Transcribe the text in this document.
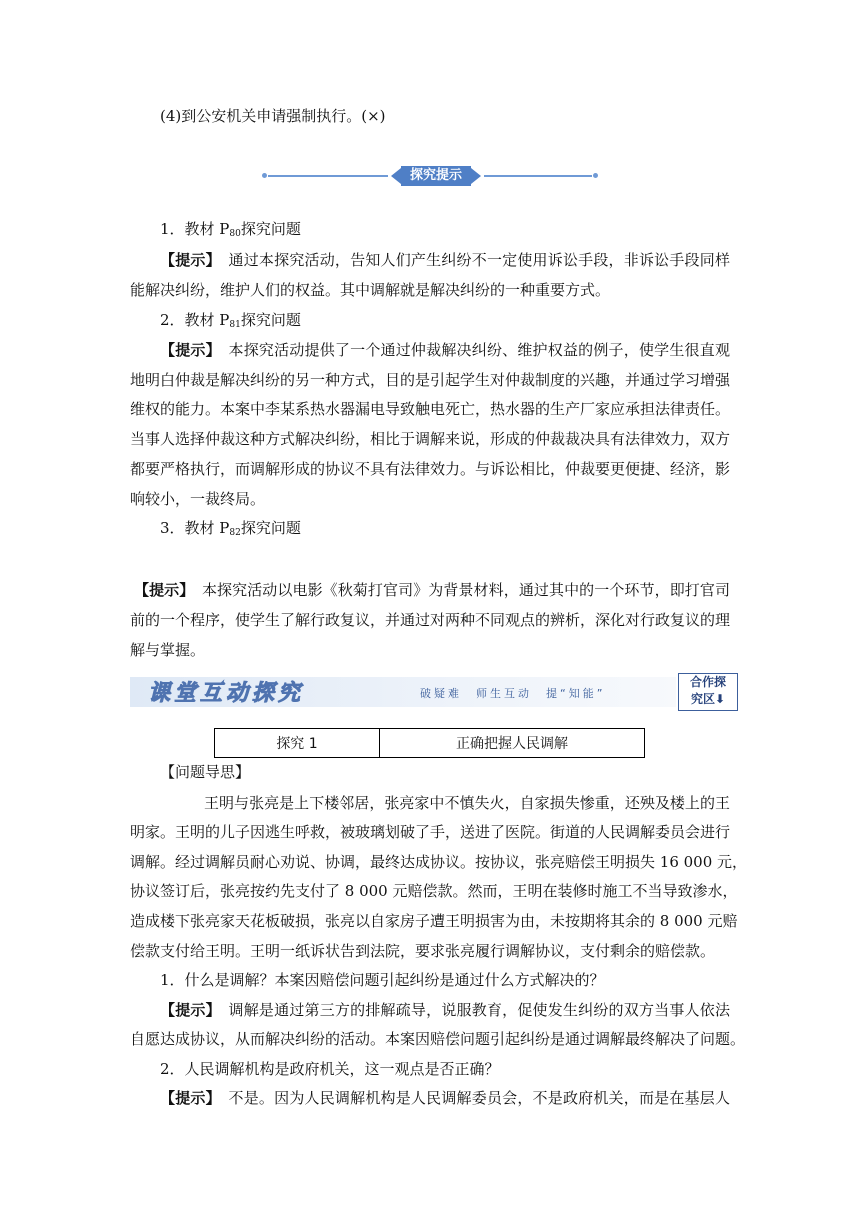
(4)到公安机关申请强制执行。(×)
探究提示
1．教材 $P_{80}$探究问题
【提示】　 通过本探究活动，告知人们产生纠纷不一定使用诉讼手段，非诉讼手段同样
能解决纠纷，维护人们的权益。其中调解就是解决纠纷的一种重要方式。
2．教材 $P_{81}$探究问题
【提示】　 本探究活动提供了一个通过仲裁解决纠纷、维护权益的例子，使学生很直观
地明白仲裁是解决纠纷的另一种方式，目的是引起学生对仲裁制度的兴趣，并通过学习增强
维权的能力。本案中李某系热水器漏电导致触电死亡，热水器的生产厂家应承担法律责任。
当事人选择仲裁这种方式解决纠纷，相比于调解来说，形成的仲裁裁决具有法律效力，双方
都要严格执行，而调解形成的协议不具有法律效力。与诉讼相比，仲裁要更便捷、经济，影
响较小，一裁终局。
3．教材 $P_{82}$探究问题
【提示】　 本探究活动以电影《秋菊打官司》为背景材料，通过其中的一个环节，即打官司
前的一个程序，使学生了解行政复议，并通过对两种不同观点的辨析，深化对行政复议的理
解与掌握。
课堂互动探究	破疑难　师生互动　提“知能”
合作探
究区⬇
探究 1	正确把握人民调解
【问题导思】
王明与张亮是上下楼邻居，张亮家中不慎失火，自家损失惨重，还殃及楼上的王
明家。王明的儿子因逃生呼救，被玻璃划破了手，送进了医院。街道的人民调解委员会进行
调解。经过调解员耐心劝说、协调，最终达成协议。按协议，张亮赔偿王明损失 16 000 元，
协议签订后，张亮按约先支付了 8 000 元赔偿款。然而，王明在装修时施工不当导致渗水，
造成楼下张亮家天花板破损，张亮以自家房子遭王明损害为由，未按期将其余的 8 000 元赔
偿款支付给王明。王明一纸诉状告到法院，要求张亮履行调解协议，支付剩余的赔偿款。
1．什么是调解？本案因赔偿问题引起纠纷是通过什么方式解决的？
【提示】　 调解是通过第三方的排解疏导，说服教育，促使发生纠纷的双方当事人依法
自愿达成协议，从而解决纠纷的活动。本案因赔偿问题引起纠纷是通过调解最终解决了问题。
2．人民调解机构是政府机关，这一观点是否正确？
【提示】　 不是。因为人民调解机构是人民调解委员会，不是政府机关，而是在基层人
